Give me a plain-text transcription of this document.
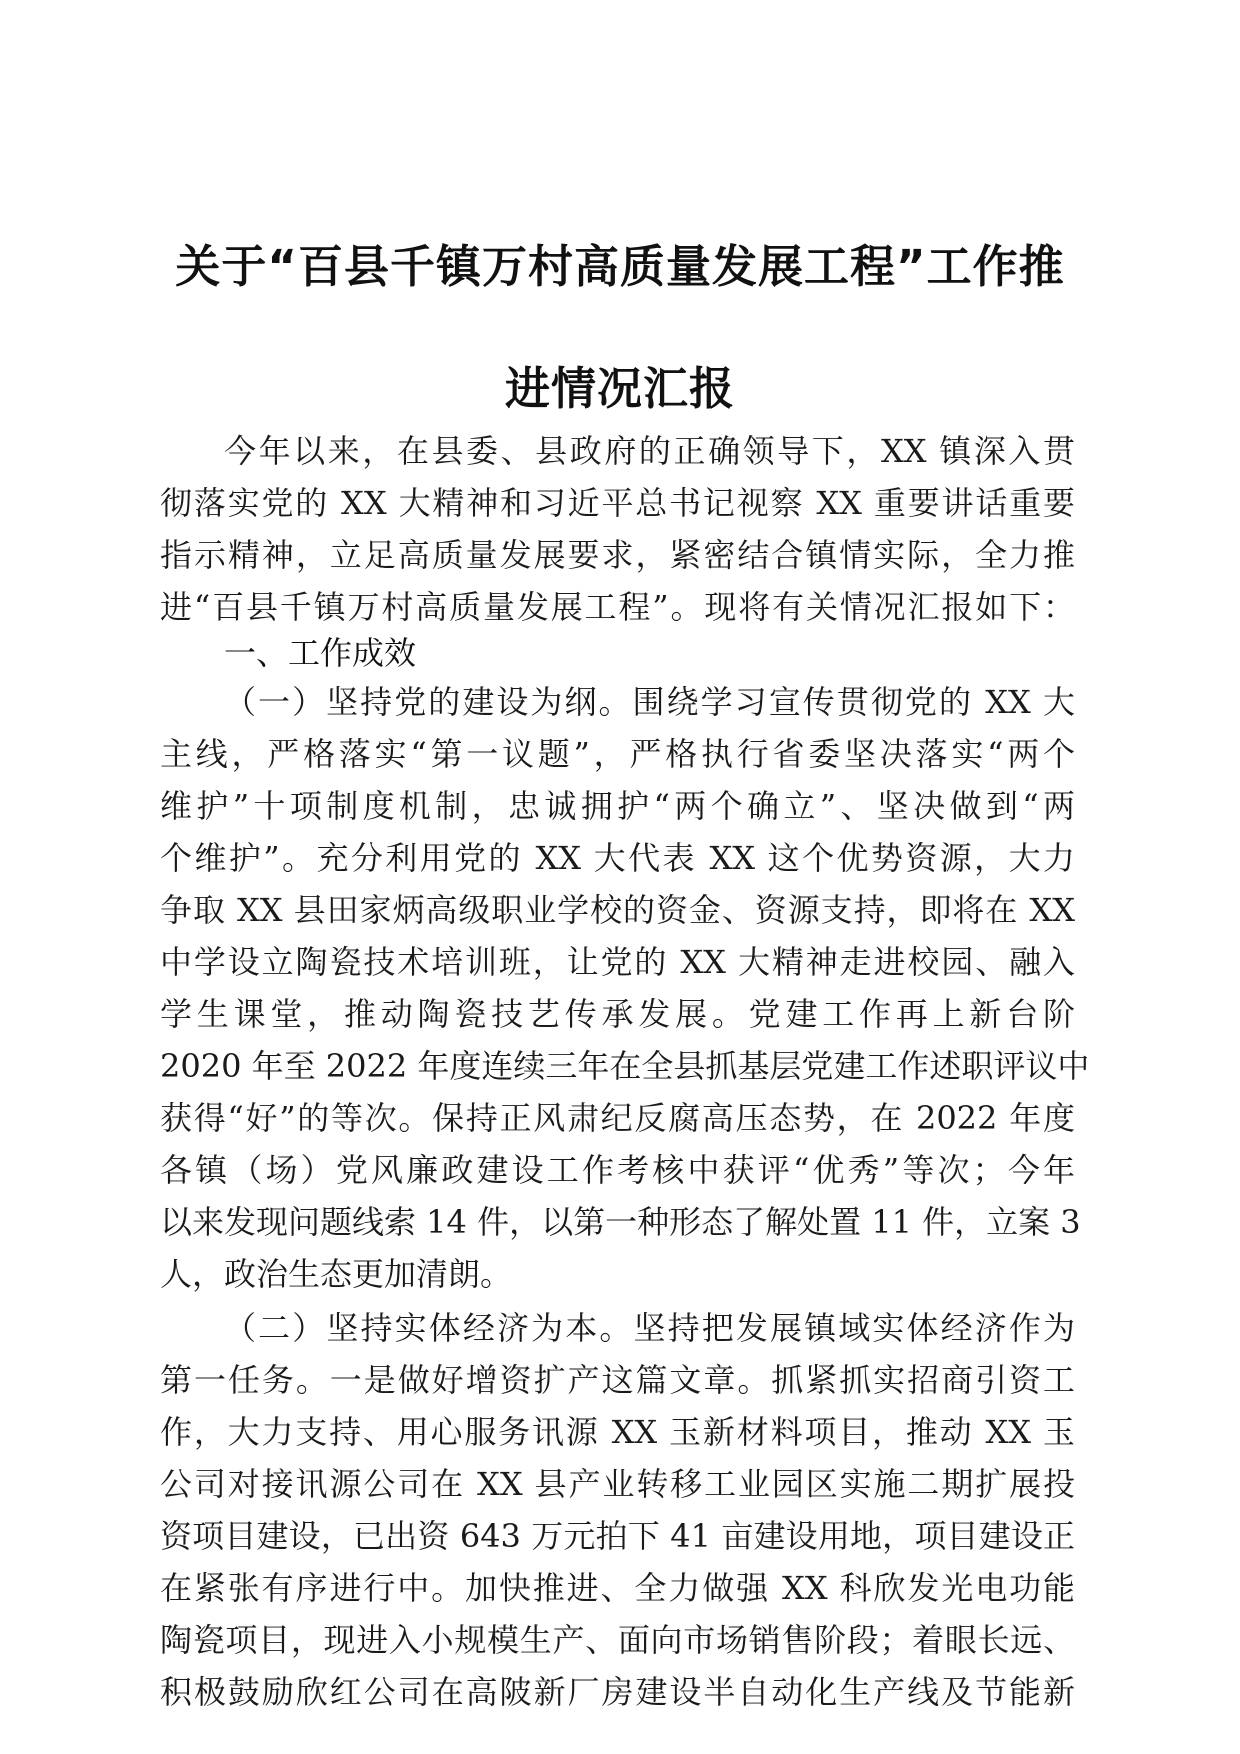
关于“百县千镇万村高质量发展工程”工作推
进情况汇报
今年以来，在县委、县政府的正确领导下，XX 镇深入贯
彻落实党的 XX 大精神和习近平总书记视察 XX 重要讲话重要
指示精神，立足高质量发展要求，紧密结合镇情实际，全力推
进“百县千镇万村高质量发展工程”。现将有关情况汇报如下：
一、工作成效
（一）坚持党的建设为纲。围绕学习宣传贯彻党的 XX 大
主线，严格落实“第一议题”，严格执行省委坚决落实“两个
维护”十项制度机制，忠诚拥护“两个确立”、坚决做到“两
个维护”。充分利用党的 XX 大代表 XX 这个优势资源，大力
争取 XX 县田家炳高级职业学校的资金、资源支持，即将在 XX
中学设立陶瓷技术培训班，让党的 XX 大精神走进校园、融入
学生课堂，推动陶瓷技艺传承发展。党建工作再上新台阶
2020 年至 2022 年度连续三年在全县抓基层党建工作述职评议中
获得“好”的等次。保持正风肃纪反腐高压态势，在 2022 年度
各镇（场）党风廉政建设工作考核中获评“优秀”等次；今年
以来发现问题线索 14 件，以第一种形态了解处置 11 件，立案 3
人，政治生态更加清朗。
（二）坚持实体经济为本。坚持把发展镇域实体经济作为
第一任务。一是做好增资扩产这篇文章。抓紧抓实招商引资工
作，大力支持、用心服务讯源 XX 玉新材料项目，推动 XX 玉
公司对接讯源公司在 XX 县产业转移工业园区实施二期扩展投
资项目建设，已出资 643 万元拍下 41 亩建设用地，项目建设正
在紧张有序进行中。加快推进、全力做强 XX 科欣发光电功能
陶瓷项目，现进入小规模生产、面向市场销售阶段；着眼长远、
积极鼓励欣红公司在高陂新厂房建设半自动化生产线及节能新
